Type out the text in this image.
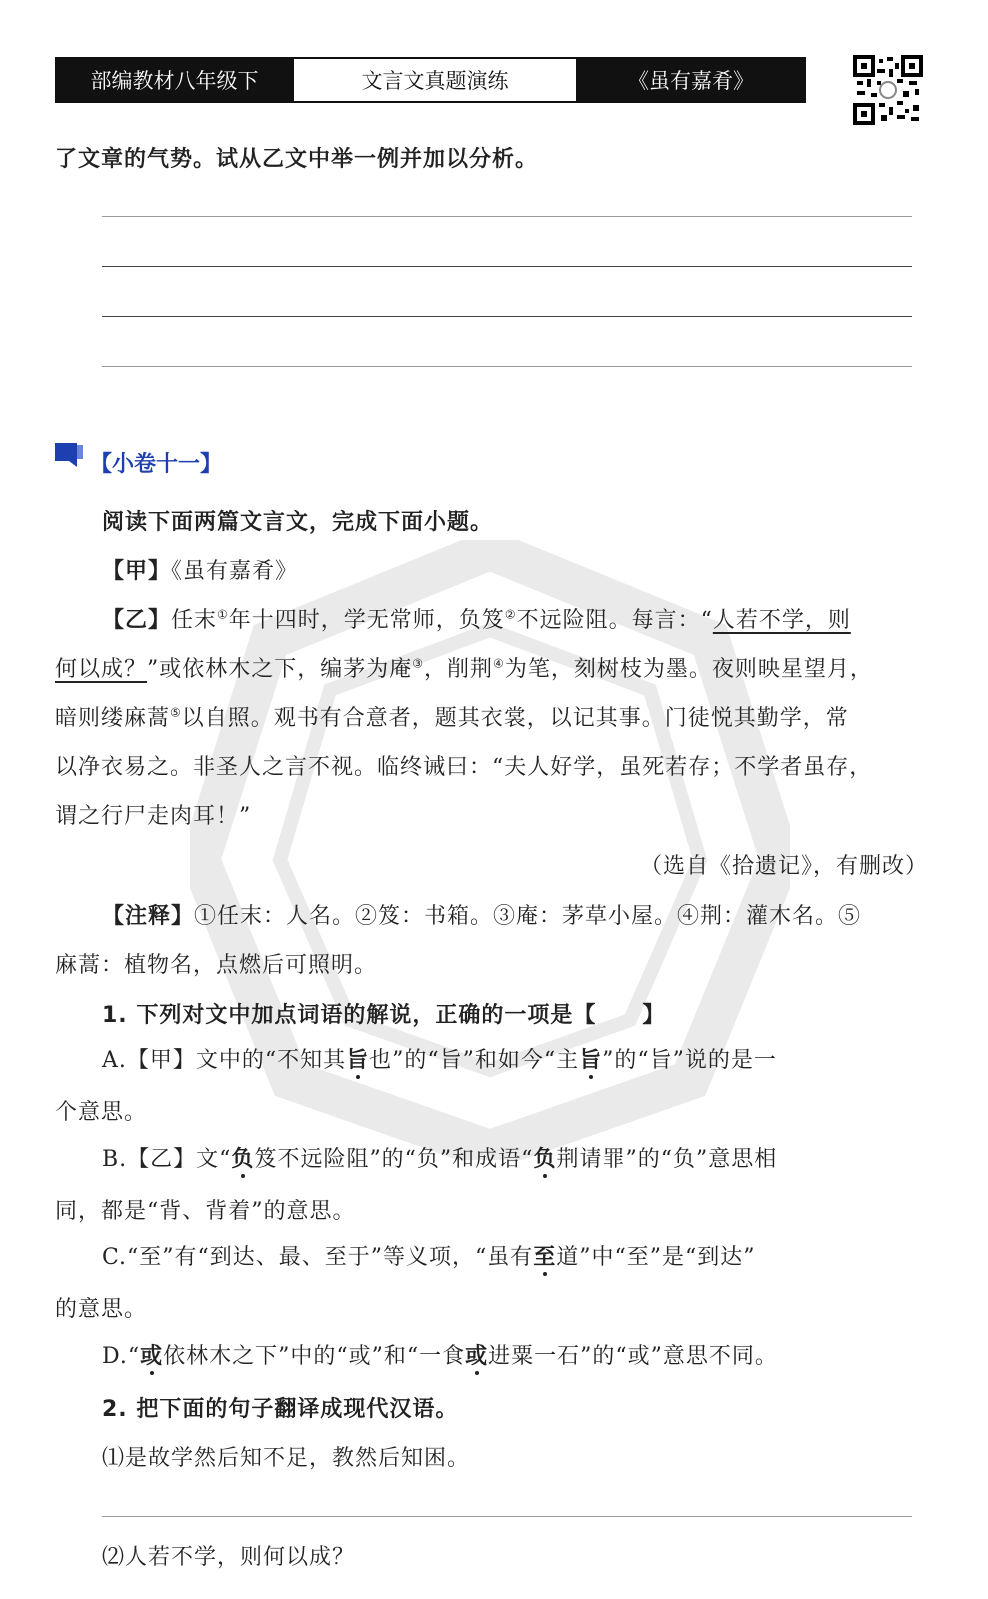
部编教材八年级下	文言文真题演练	《虽有嘉肴》
了文章的气势。试从乙文中举一例并加以分析。
【小卷十一】
阅读下面两篇文言文，完成下面小题。
【甲】《虽有嘉肴》
【乙】任末①年十四时，学无常师，负笈②不远险阻。每言：“人若不学，则
何以成？”或依林木之下，编茅为庵③，削荆④为笔，刻树枝为墨。夜则映星望月，
暗则缕麻蒿⑤以自照。观书有合意者，题其衣裳，以记其事。门徒悦其勤学，常
以净衣易之。非圣人之言不视。临终诫曰：“夫人好学，虽死若存；不学者虽存，
谓之行尸走肉耳！”
（选自《拾遗记》，有删改）
【注释】①任末：人名。②笈：书箱。③庵：茅草小屋。④荆：灌木名。⑤
麻蒿：植物名，点燃后可照明。
1. 下列对文中加点词语的解说，正确的一项是【　　】
A.【甲】文中的“不知其旨也”的“旨”和如今“主旨”的“旨”说的是一
个意思。
B.【乙】文“负笈不远险阻”的“负”和成语“负荆请罪”的“负”意思相
同，都是“背、背着”的意思。
C.“至”有“到达、最、至于”等义项，“虽有至道”中“至”是“到达”
的意思。
D.“或依林木之下”中的“或”和“一食或进粟一石”的“或”意思不同。
2. 把下面的句子翻译成现代汉语。
⑴是故学然后知不足，教然后知困。
⑵人若不学，则何以成？
